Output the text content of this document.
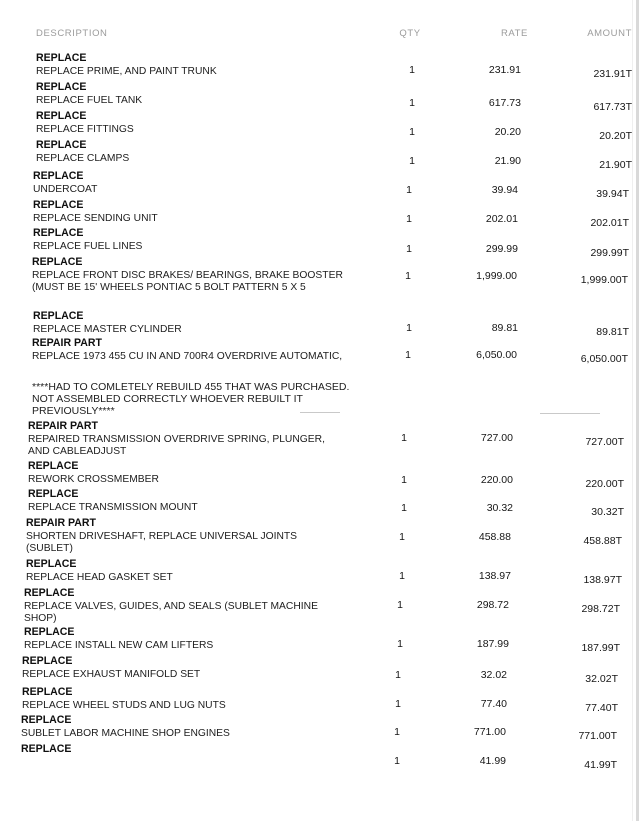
DESCRIPTION	QTY	RATE	AMOUNT
REPLACE
REPLACE PRIME, AND PAINT TRUNK	1	231.91	231.91T
REPLACE
REPLACE FUEL TANK	1	617.73	617.73T
REPLACE
REPLACE FITTINGS	1	20.20	20.20T
REPLACE
REPLACE CLAMPS	1	21.90	21.90T
REPLACE
UNDERCOAT	1	39.94	39.94T
REPLACE
REPLACE SENDING UNIT	1	202.01	202.01T
REPLACE
REPLACE FUEL LINES	1	299.99	299.99T
REPLACE
REPLACE FRONT DISC BRAKES/ BEARINGS, BRAKE BOOSTER (MUST BE 15' WHEELS PONTIAC 5 BOLT PATTERN 5 X 5
1	1,999.00	1,999.00T
REPLACE
REPLACE MASTER CYLINDER	1	89.81	89.81T
REPAIR PART
REPLACE 1973 455 CU IN AND 700R4 OVERDRIVE AUTOMATIC,
****HAD TO COMLETELY REBUILD 455 THAT WAS PURCHASED. NOT ASSEMBLED CORRECTLY WHOEVER REBUILT IT PREVIOUSLY****
1	6,050.00	6,050.00T
REPAIR PART
REPAIRED TRANSMISSION OVERDRIVE SPRING, PLUNGER, AND CABLEADJUST
1	727.00	727.00T
REPLACE
REWORK CROSSMEMBER	1	220.00	220.00T
REPLACE
REPLACE TRANSMISSION MOUNT	1	30.32	30.32T
REPAIR PART
SHORTEN DRIVESHAFT, REPLACE UNIVERSAL JOINTS (SUBLET)
1	458.88	458.88T
REPLACE
REPLACE HEAD GASKET SET	1	138.97	138.97T
REPLACE
REPLACE VALVES, GUIDES, AND SEALS (SUBLET MACHINE SHOP)
1	298.72	298.72T
REPLACE
REPLACE INSTALL NEW CAM LIFTERS	1	187.99	187.99T
REPLACE
REPLACE EXHAUST MANIFOLD SET	1	32.02	32.02T
REPLACE
REPLACE WHEEL STUDS AND LUG NUTS	1	77.40	77.40T
REPLACE
SUBLET LABOR MACHINE SHOP ENGINES	1	771.00	771.00T
REPLACE
1	41.99	41.99T
